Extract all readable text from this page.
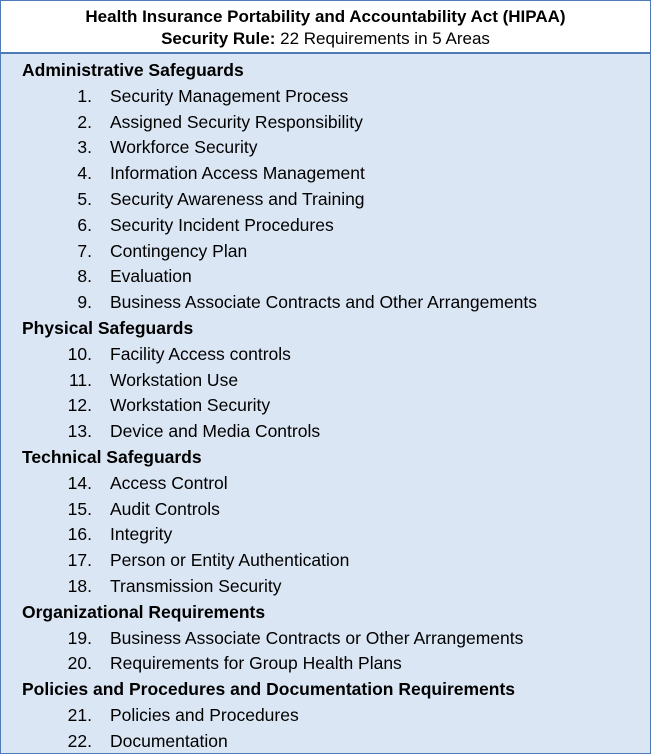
Health Insurance Portability and Accountability Act (HIPAA)
Security Rule: 22 Requirements in 5 Areas
Administrative Safeguards
1.	Security Management Process
2.	Assigned Security Responsibility
3.	Workforce Security
4.	Information Access Management
5.	Security Awareness and Training
6.	Security Incident Procedures
7.	Contingency Plan
8.	Evaluation
9.	Business Associate Contracts and Other Arrangements
Physical Safeguards
10.	Facility Access controls
11.	Workstation Use
12.	Workstation Security
13.	Device and Media Controls
Technical Safeguards
14.	Access Control
15.	Audit Controls
16.	Integrity
17.	Person or Entity Authentication
18.	Transmission Security
Organizational Requirements
19.	Business Associate Contracts or Other Arrangements
20.	Requirements for Group Health Plans
Policies and Procedures and Documentation Requirements
21.	Policies and Procedures
22.	Documentation
